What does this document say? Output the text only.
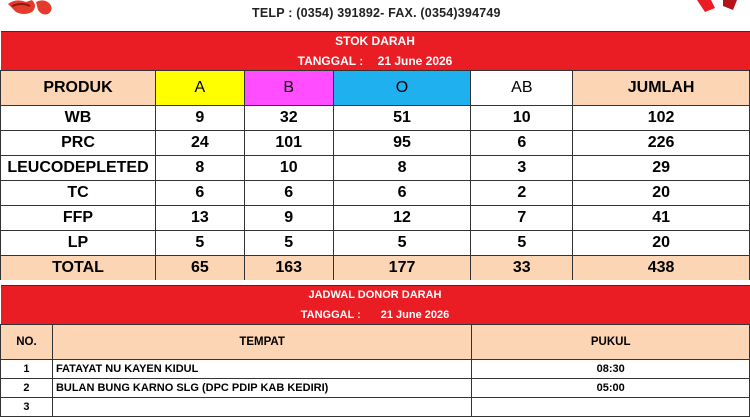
TELP : (0354) 391892- FAX. (0354)394749
STOK DARAH					
TANGGAL : 21 June 2026					
PRODUK	A	B	O	AB	JUMLAH
WB	9	32	51	10	102
PRC	24	101	95	6	226
LEUCODEPLETED	8	10	8	3	29
TC	6	6	6	2	20
FFP	13	9	12	7	41
LP	5	5	5	5	20
TOTAL	65	163	177	33	438
JADWAL DONOR DARAH		
TANGGAL : 21 June 2026		
NO.	TEMPAT	PUKUL
1	FATAYAT NU KAYEN KIDUL	08:30
2	BULAN BUNG KARNO SLG (DPC PDIP KAB KEDIRI)	05:00
3		
